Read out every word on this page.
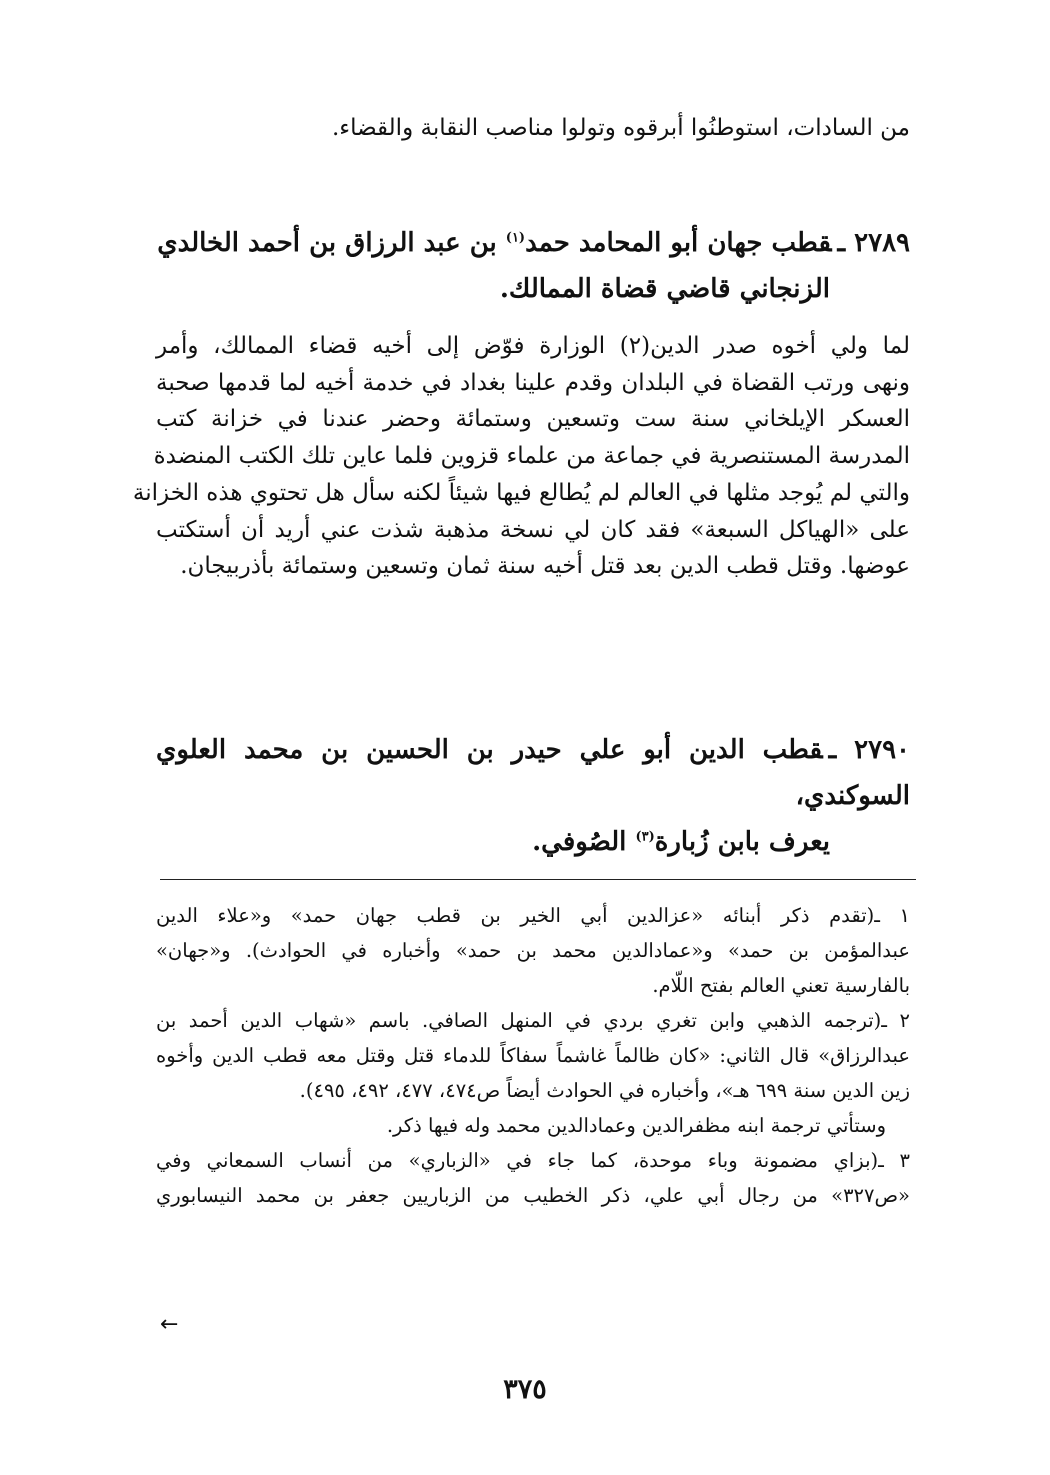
من السادات، استوطنُوا أبرقوه وتولوا مناصب النقابة والقضاء.
٢٧٨٩ ـقطب جهان أبو المحامد حمد$^{(١)}$ بن عبد الرزاق بن أحمد الخالدي
الزنجاني قاضي قضاة الممالك.
لما ولي أخوه صدر الدين(٢) الوزارة فوّض إلى أخيه قضاء الممالك، وأمر
ونهى ورتب القضاة في البلدان وقدم علينا بغداد في خدمة أخيه لما قدمها صحبة
العسكر الإيلخاني سنة ست وتسعين وستمائة وحضر عندنا في خزانة كتب
المدرسة المستنصرية في جماعة من علماء قزوين فلما عاين تلك الكتب المنضدة
والتي لم يُوجد مثلها في العالم لم يُطالع فيها شيئاً لكنه سأل هل تحتوي هذه الخزانة
على «الهياكل السبعة» فقد كان لي نسخة مذهبة شذت عني أريد أن أستكتب
عوضها. وقتل قطب الدين بعد قتل أخيه سنة ثمان وتسعين وستمائة بأذربيجان.
٢٧٩٠ ـقطب الدين أبو علي حيدر بن الحسين بن محمد العلوي السوكندي،
يعرف بابن زُبارة$^{(٣)}$ الصُوفي.
١ ـ(تقدم ذكر أبنائه «عزالدين أبي الخير بن قطب جهان حمد» و«علاء الدين
عبدالمؤمن بن حمد» و«عمادالدين محمد بن حمد» وأخباره في الحوادث). و«جهان»
بالفارسية تعني العالم بفتح اللّام.
٢ ـ(ترجمه الذهبي وابن تغري بردي في المنهل الصافي. باسم «شهاب الدين أحمد بن
عبدالرزاق» قال الثاني: «كان ظالماً غاشماً سفاكاً للدماء قتل وقتل معه قطب الدين وأخوه
زين الدين سنة ٦٩٩ هـ»، وأخباره في الحوادث أيضاً ص٤٧٤، ٤٧٧، ٤٩٢، ٤٩٥).
وستأتي ترجمة ابنه مظفرالدين وعمادالدين محمد وله فيها ذكر.
٣ ـ(بزاي مضمونة وباء موحدة، كما جاء في «الزباري» من أنساب السمعاني وفي
«ص٣٢٧» من رجال أبي علي، ذكر الخطيب من الزباريين جعفر بن محمد النيسابوري
←
٣٧٥
